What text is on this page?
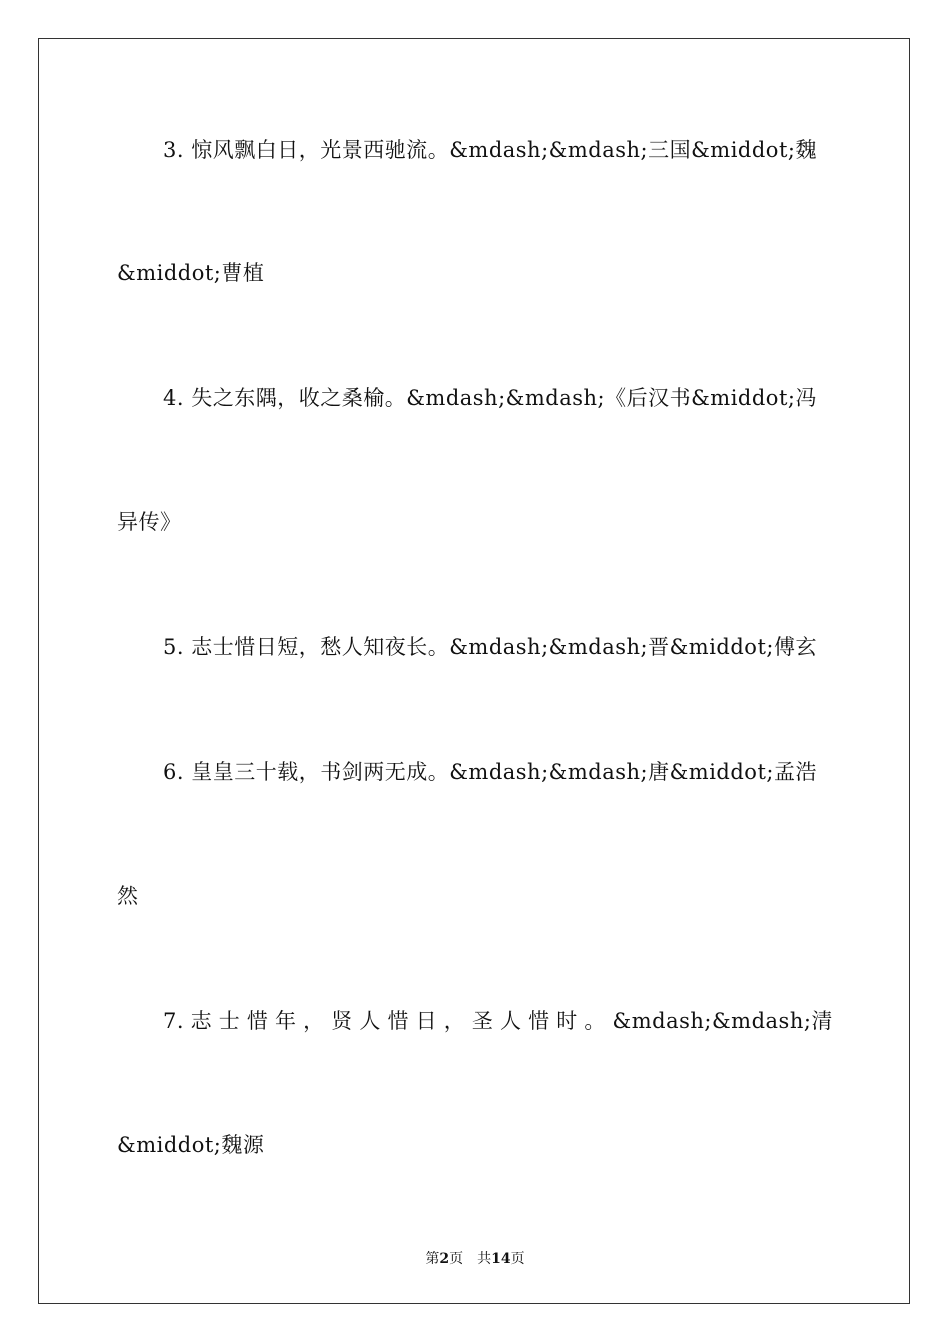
3. 惊风飘白日，光景西驰流。&mdash;&mdash;三国&middot;魏
&middot;曹植
4. 失之东隅，收之桑榆。&mdash;&mdash;《后汉书&middot;冯
异传》
5. 志士惜日短，愁人知夜长。&mdash;&mdash;晋&middot;傅玄
6. 皇皇三十载，书剑两无成。&mdash;&mdash;唐&middot;孟浩
然
7. 志 士 惜 年 ， 贤 人 惜 日 ， 圣 人 惜 时 。 &mdash;&mdash;清
&middot;魏源
第2页　共14页
